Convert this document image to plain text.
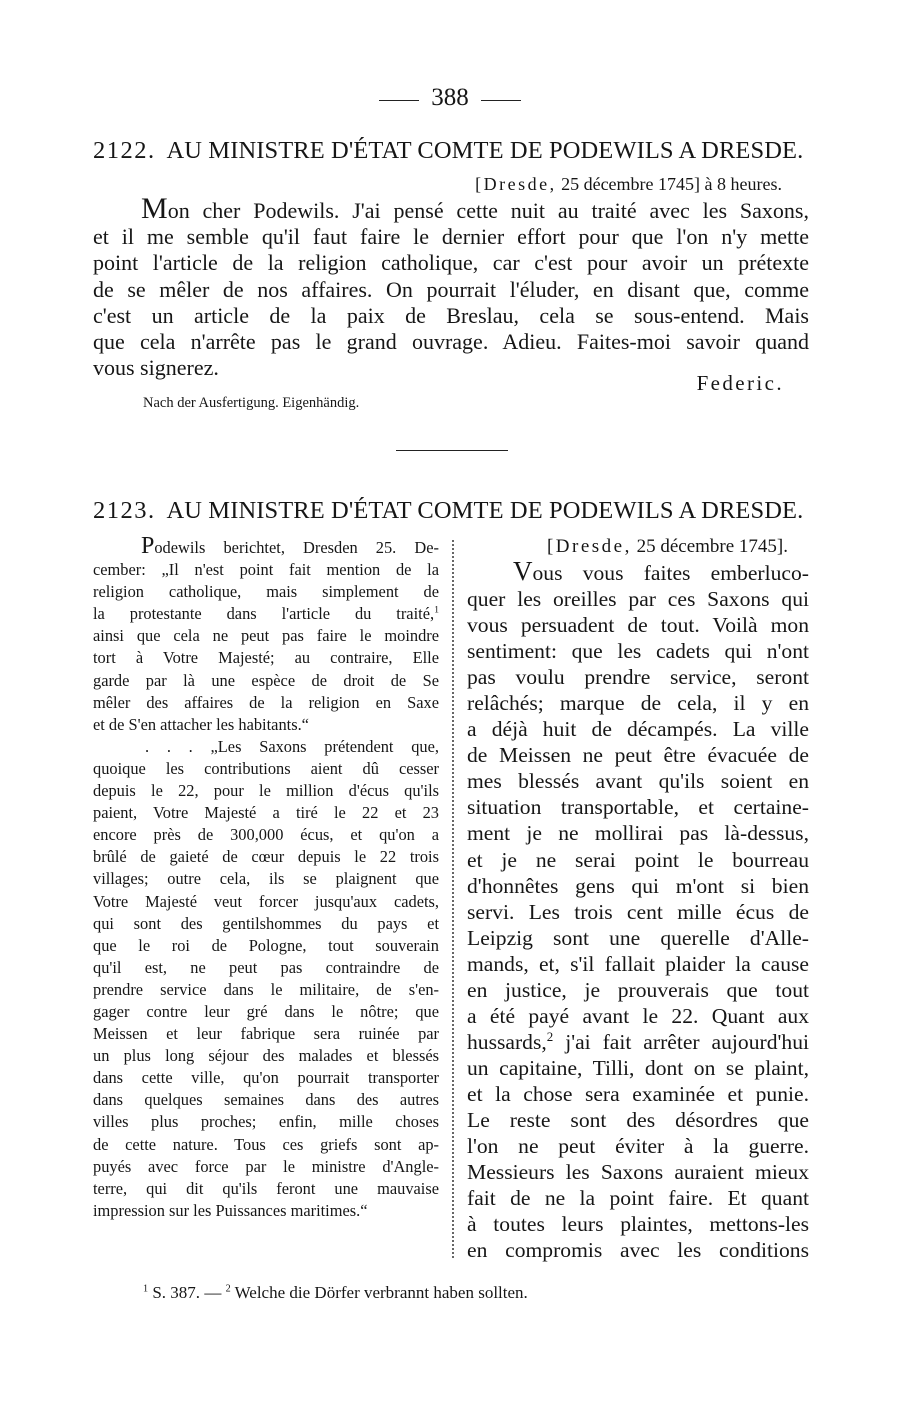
388
2122. AU MINISTRE D'ÉTAT COMTE DE PODEWILS A DRESDE.
[Dresde, 25 décembre 1745] à 8 heures.
Mon cher Podewils. J'ai pensé cette nuit au traité avec les Saxons,
et il me semble qu'il faut faire le dernier effort pour que l'on n'y mette
point l'article de la religion catholique, car c'est pour avoir un prétexte
de se mêler de nos affaires. On pourrait l'éluder, en disant que, comme
c'est un article de la paix de Breslau, cela se sous-entend. Mais
que cela n'arrête pas le grand ouvrage. Adieu. Faites-moi savoir quand
vous signerez.
Federic.
Nach der Ausfertigung. Eigenhändig.
2123. AU MINISTRE D'ÉTAT COMTE DE PODEWILS A DRESDE.
Podewils berichtet, Dresden 25. De-
cember: „Il n'est point fait mention de la
religion catholique, mais simplement de
la protestante dans l'article du traité,$^1$
ainsi que cela ne peut pas faire le moindre
tort à Votre Majesté; au contraire, Elle
garde par là une espèce de droit de Se
mêler des affaires de la religion en Saxe
et de S'en attacher les habitants.“
. . . „Les Saxons prétendent que,
quoique les contributions aient dû cesser
depuis le 22, pour le million d'écus qu'ils
paient, Votre Majesté a tiré le 22 et 23
encore près de 300,000 écus, et qu'on a
brûlé de gaieté de cœur depuis le 22 trois
villages; outre cela, ils se plaignent que
Votre Majesté veut forcer jusqu'aux cadets,
qui sont des gentilshommes du pays et
que le roi de Pologne, tout souverain
qu'il est, ne peut pas contraindre de
prendre service dans le militaire, de s'en-
gager contre leur gré dans le nôtre; que
Meissen et leur fabrique sera ruinée par
un plus long séjour des malades et blessés
dans cette ville, qu'on pourrait transporter
dans quelques semaines dans des autres
villes plus proches; enfin, mille choses
de cette nature. Tous ces griefs sont ap-
puyés avec force par le ministre d'Angle-
terre, qui dit qu'ils feront une mauvaise
impression sur les Puissances maritimes.“
[Dresde, 25 décembre 1745].
Vous vous faites emberluco-
quer les oreilles par ces Saxons qui
vous persuadent de tout. Voilà mon
sentiment: que les cadets qui n'ont
pas voulu prendre service, seront
relâchés; marque de cela, il y en
a déjà huit de décampés. La ville
de Meissen ne peut être évacuée de
mes blessés avant qu'ils soient en
situation transportable, et certaine-
ment je ne mollirai pas là-dessus,
et je ne serai point le bourreau
d'honnêtes gens qui m'ont si bien
servi. Les trois cent mille écus de
Leipzig sont une querelle d'Alle-
mands, et, s'il fallait plaider la cause
en justice, je prouverais que tout
a été payé avant le 22. Quant aux
hussards,$^2$ j'ai fait arrêter aujourd'hui
un capitaine, Tilli, dont on se plaint,
et la chose sera examinée et punie.
Le reste sont des désordres que
l'on ne peut éviter à la guerre.
Messieurs les Saxons auraient mieux
fait de ne la point faire. Et quant
à toutes leurs plaintes, mettons-les
en compromis avec les conditions
$^1$ S. 387. — $^2$ Welche die Dörfer verbrannt haben sollten.
